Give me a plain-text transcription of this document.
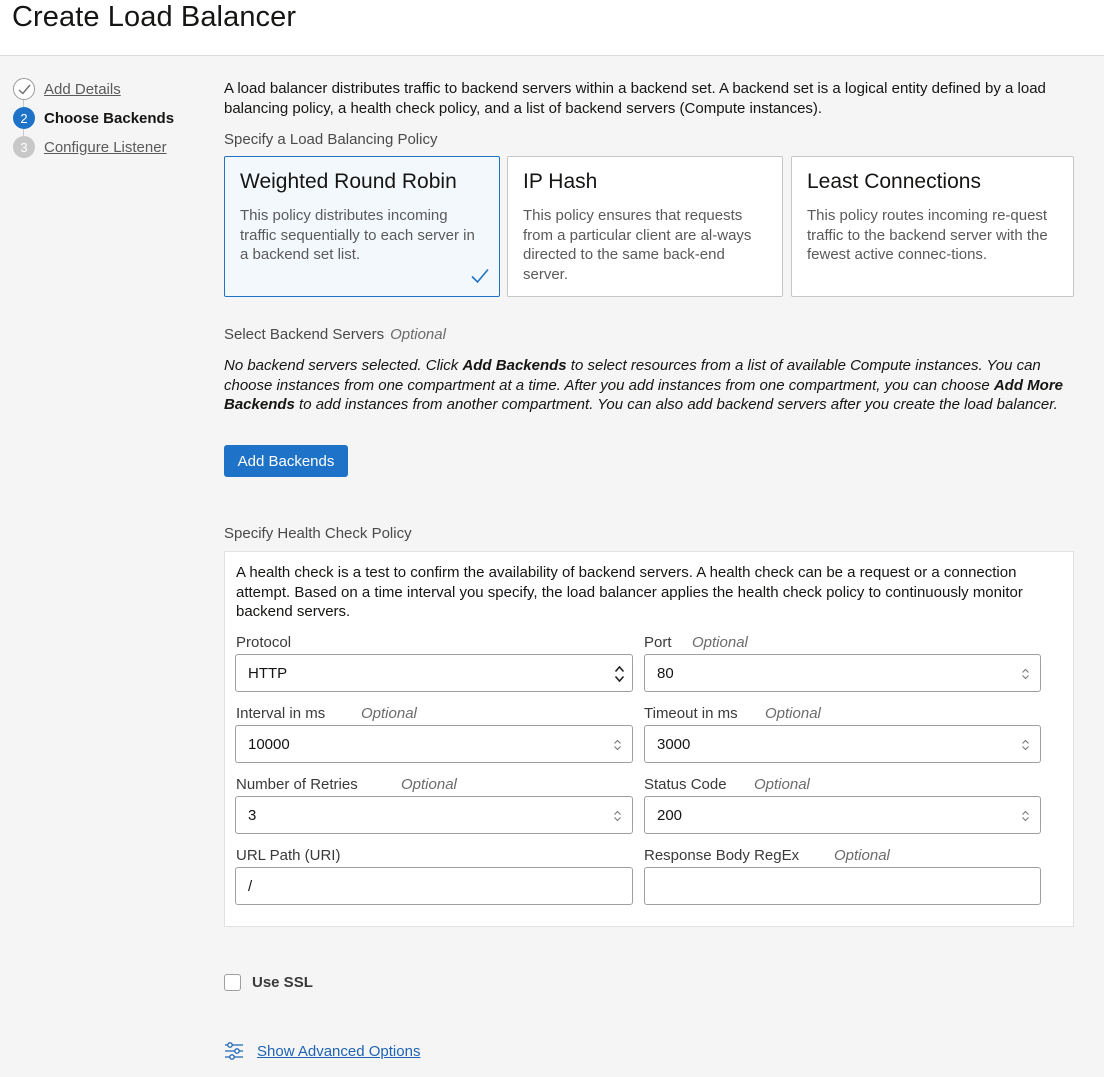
Create Load Balancer
Add Details
2	Choose Backends
3	Configure Listener
A load balancer distributes traffic to backend servers within a backend set. A backend set is a logical entity defined by a load balancing policy, a health check policy, and a list of backend servers (Compute instances).
Specify a Load Balancing Policy
Weighted Round Robin
This policy distributes incoming traffic sequentially to each server in a backend set list.
IP Hash
This policy ensures that requests from a particular client are al-ways directed to the same back-end server.
Least Connections
This policy routes incoming re-quest traffic to the backend server with the fewest active connec-tions.
Select Backend Servers Optional
No backend servers selected. Click Add Backends to select resources from a list of available Compute instances. You can choose instances from one compartment at a time. After you add instances from one compartment, you can choose Add More Backends to add instances from another compartment. You can also add backend servers after you create the load balancer.
Add Backends
Specify Health Check Policy
A health check is a test to confirm the availability of backend servers. A health check can be a request or a connection attempt. Based on a time interval you specify, the load balancer applies the health check policy to continuously monitor backend servers.
Protocol
HTTP
Port Optional
80
Interval in ms Optional
10000
Timeout in ms Optional
3000
Number of Retries	Optional
3
Status Code Optional
200
URL Path (URI)
/
Response Body RegEx Optional
Use SSL
Show Advanced Options
